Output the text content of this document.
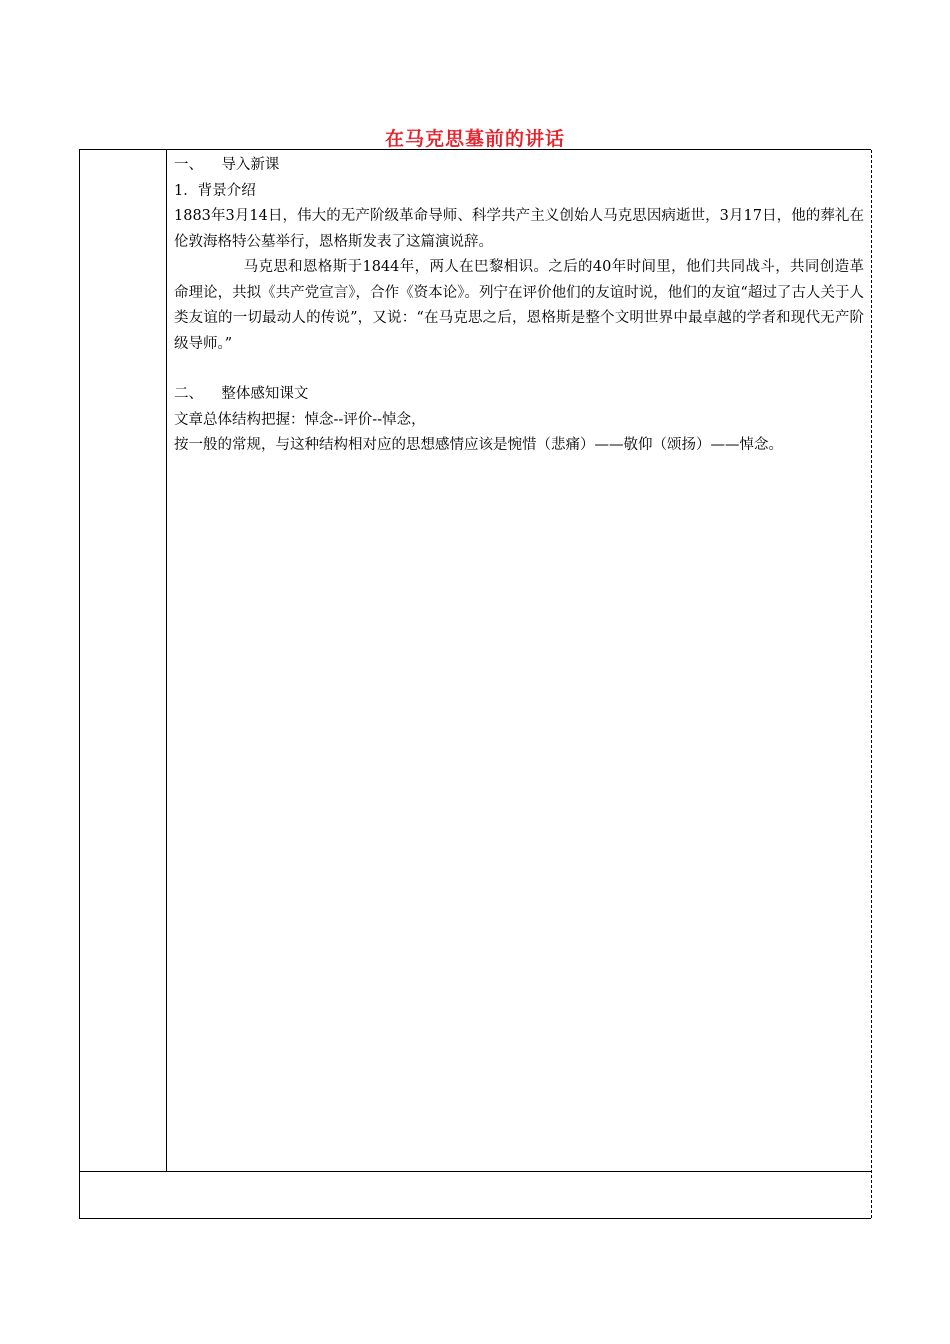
在马克思墓前的讲话

一、    导入新课

1．背景介绍

1883年3月14日，伟大的无产阶级革命导师、科学共产主义创始人马克思因病逝世，3月17日，他的葬礼在伦敦海格特公墓举行，恩格斯发表了这篇演说辞。

马克思和恩格斯于1844年，两人在巴黎相识。之后的40年时间里，他们共同战斗，共同创造革命理论，共拟《共产党宣言》，合作《资本论》。列宁在评价他们的友谊时说，他们的友谊“超过了古人关于人类友谊的一切最动人的传说”，又说：“在马克思之后，恩格斯是整个文明世界中最卓越的学者和现代无产阶级导师。”

二、    整体感知课文

文章总体结构把握：悼念--评价--悼念，

按一般的常规，与这种结构相对应的思想感情应该是惋惜（悲痛）——敬仰（颂扬）——悼念。
